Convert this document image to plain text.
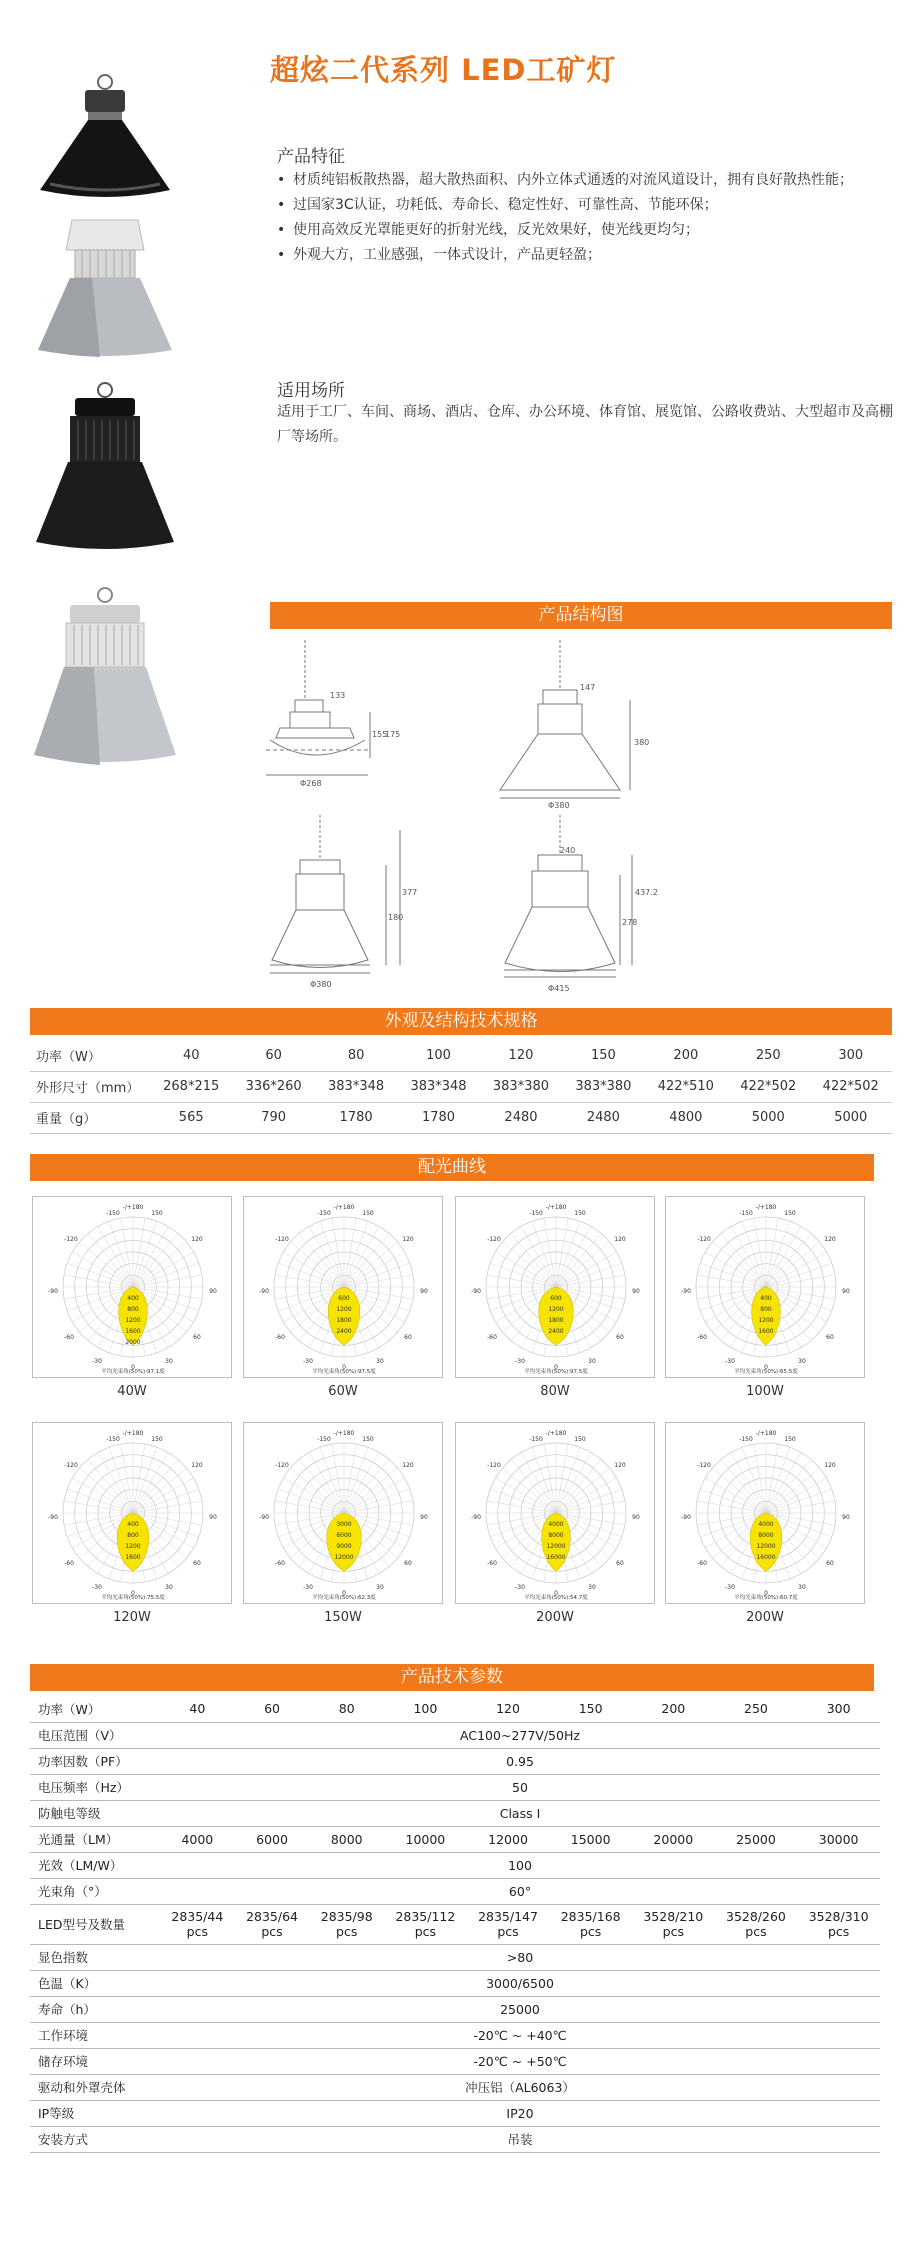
超炫二代系列 LED工矿灯
产品特征
• 材质纯铝板散热器，超大散热面积、内外立体式通透的对流风道设计，拥有良好散热性能；
• 过国家3C认证，功耗低、寿命长、稳定性好、可靠性高、节能环保；
• 使用高效反光罩能更好的折射光线，反光效果好，使光线更均匀；
• 外观大方，工业感强，一体式设计，产品更轻盈；
适用场所
适用于工厂、车间、商场、酒店、仓库、办公环境、体育馆、展览馆、公路收费站、大型超市及高棚厂等场所。
产品结构图
133
155
175
Φ268
147
380
Φ380
180
377
Φ380
240
278
437.2
Φ415
外观及结构技术规格
功率（W）	40	60	80	100	120	150	200	250	300
外形尺寸（mm）	268*215	336*260	383*348	383*348	383*380	383*380	422*510	422*502	422*502
重量（g）	565	790	1780	1780	2480	2480	4800	5000	5000
配光曲线
400
800
1200
1600
2000
-150
-/+180
150
-120	120
-90	90
-60	60
-30
0
30
平均光束角(50%):97.1度
40W
600
1200
1800
2400
-150
-/+180
150
-120	120
-90	90
-60	60
-30
0
30
平均光束角(50%):97.5度
60W
600
1200
1800
2400
-150
-/+180
150
-120	120
-90	90
-60	60
-30
0
30
平均光束角(50%):97.5度
80W
400
800
1200
1600
-150
-/+180
150
-120	120
-90	90
-60	60
-30
0
30
平均光束角(50%):65.5度
100W
400
800
1200
1600
-150
-/+180
150
-120	120
-90	90
-60	60
-30
0
30
平均光束角(50%):75.5度
120W
3000
6000
9000
12000
-150
-/+180
150
-120	120
-90	90
-60	60
-30
0
30
平均光束角(50%):62.3度
150W
4000
8000
12000
16000
-150
-/+180
150
-120	120
-90	90
-60	60
-30
0
30
平均光束角(50%):54.7度
200W
4000
8000
12000
16000
-150
-/+180
150
-120	120
-90	90
-60	60
-30
0
30
平均光束角(50%):60.7度
200W
产品技术参数
功率（W）	40	60	80	100	120	150	200	250	300
电压范围（V）	AC100~277V/50Hz								
功率因数（PF）	0.95								
电压频率（Hz）	50								
防触电等级	Class Ⅰ								
光通量（LM）	4000	6000	8000	10000	12000	15000	20000	25000	30000
光效（LM/W）	100								
光束角（°）	60°								
LED型号及数量	2835/44 pcs	2835/64 pcs	2835/98 pcs	2835/112 pcs	2835/147 pcs	2835/168 pcs	3528/210 pcs	3528/260 pcs	3528/310 pcs
显色指数	>80								
色温（K）	3000/6500								
寿命（h）	25000								
工作环境	-20℃ ~ +40℃								
储存环境	-20℃ ~ +50℃								
驱动和外罩壳体	冲压铝（AL6063）								
IP等级	IP20								
安装方式	吊装								
